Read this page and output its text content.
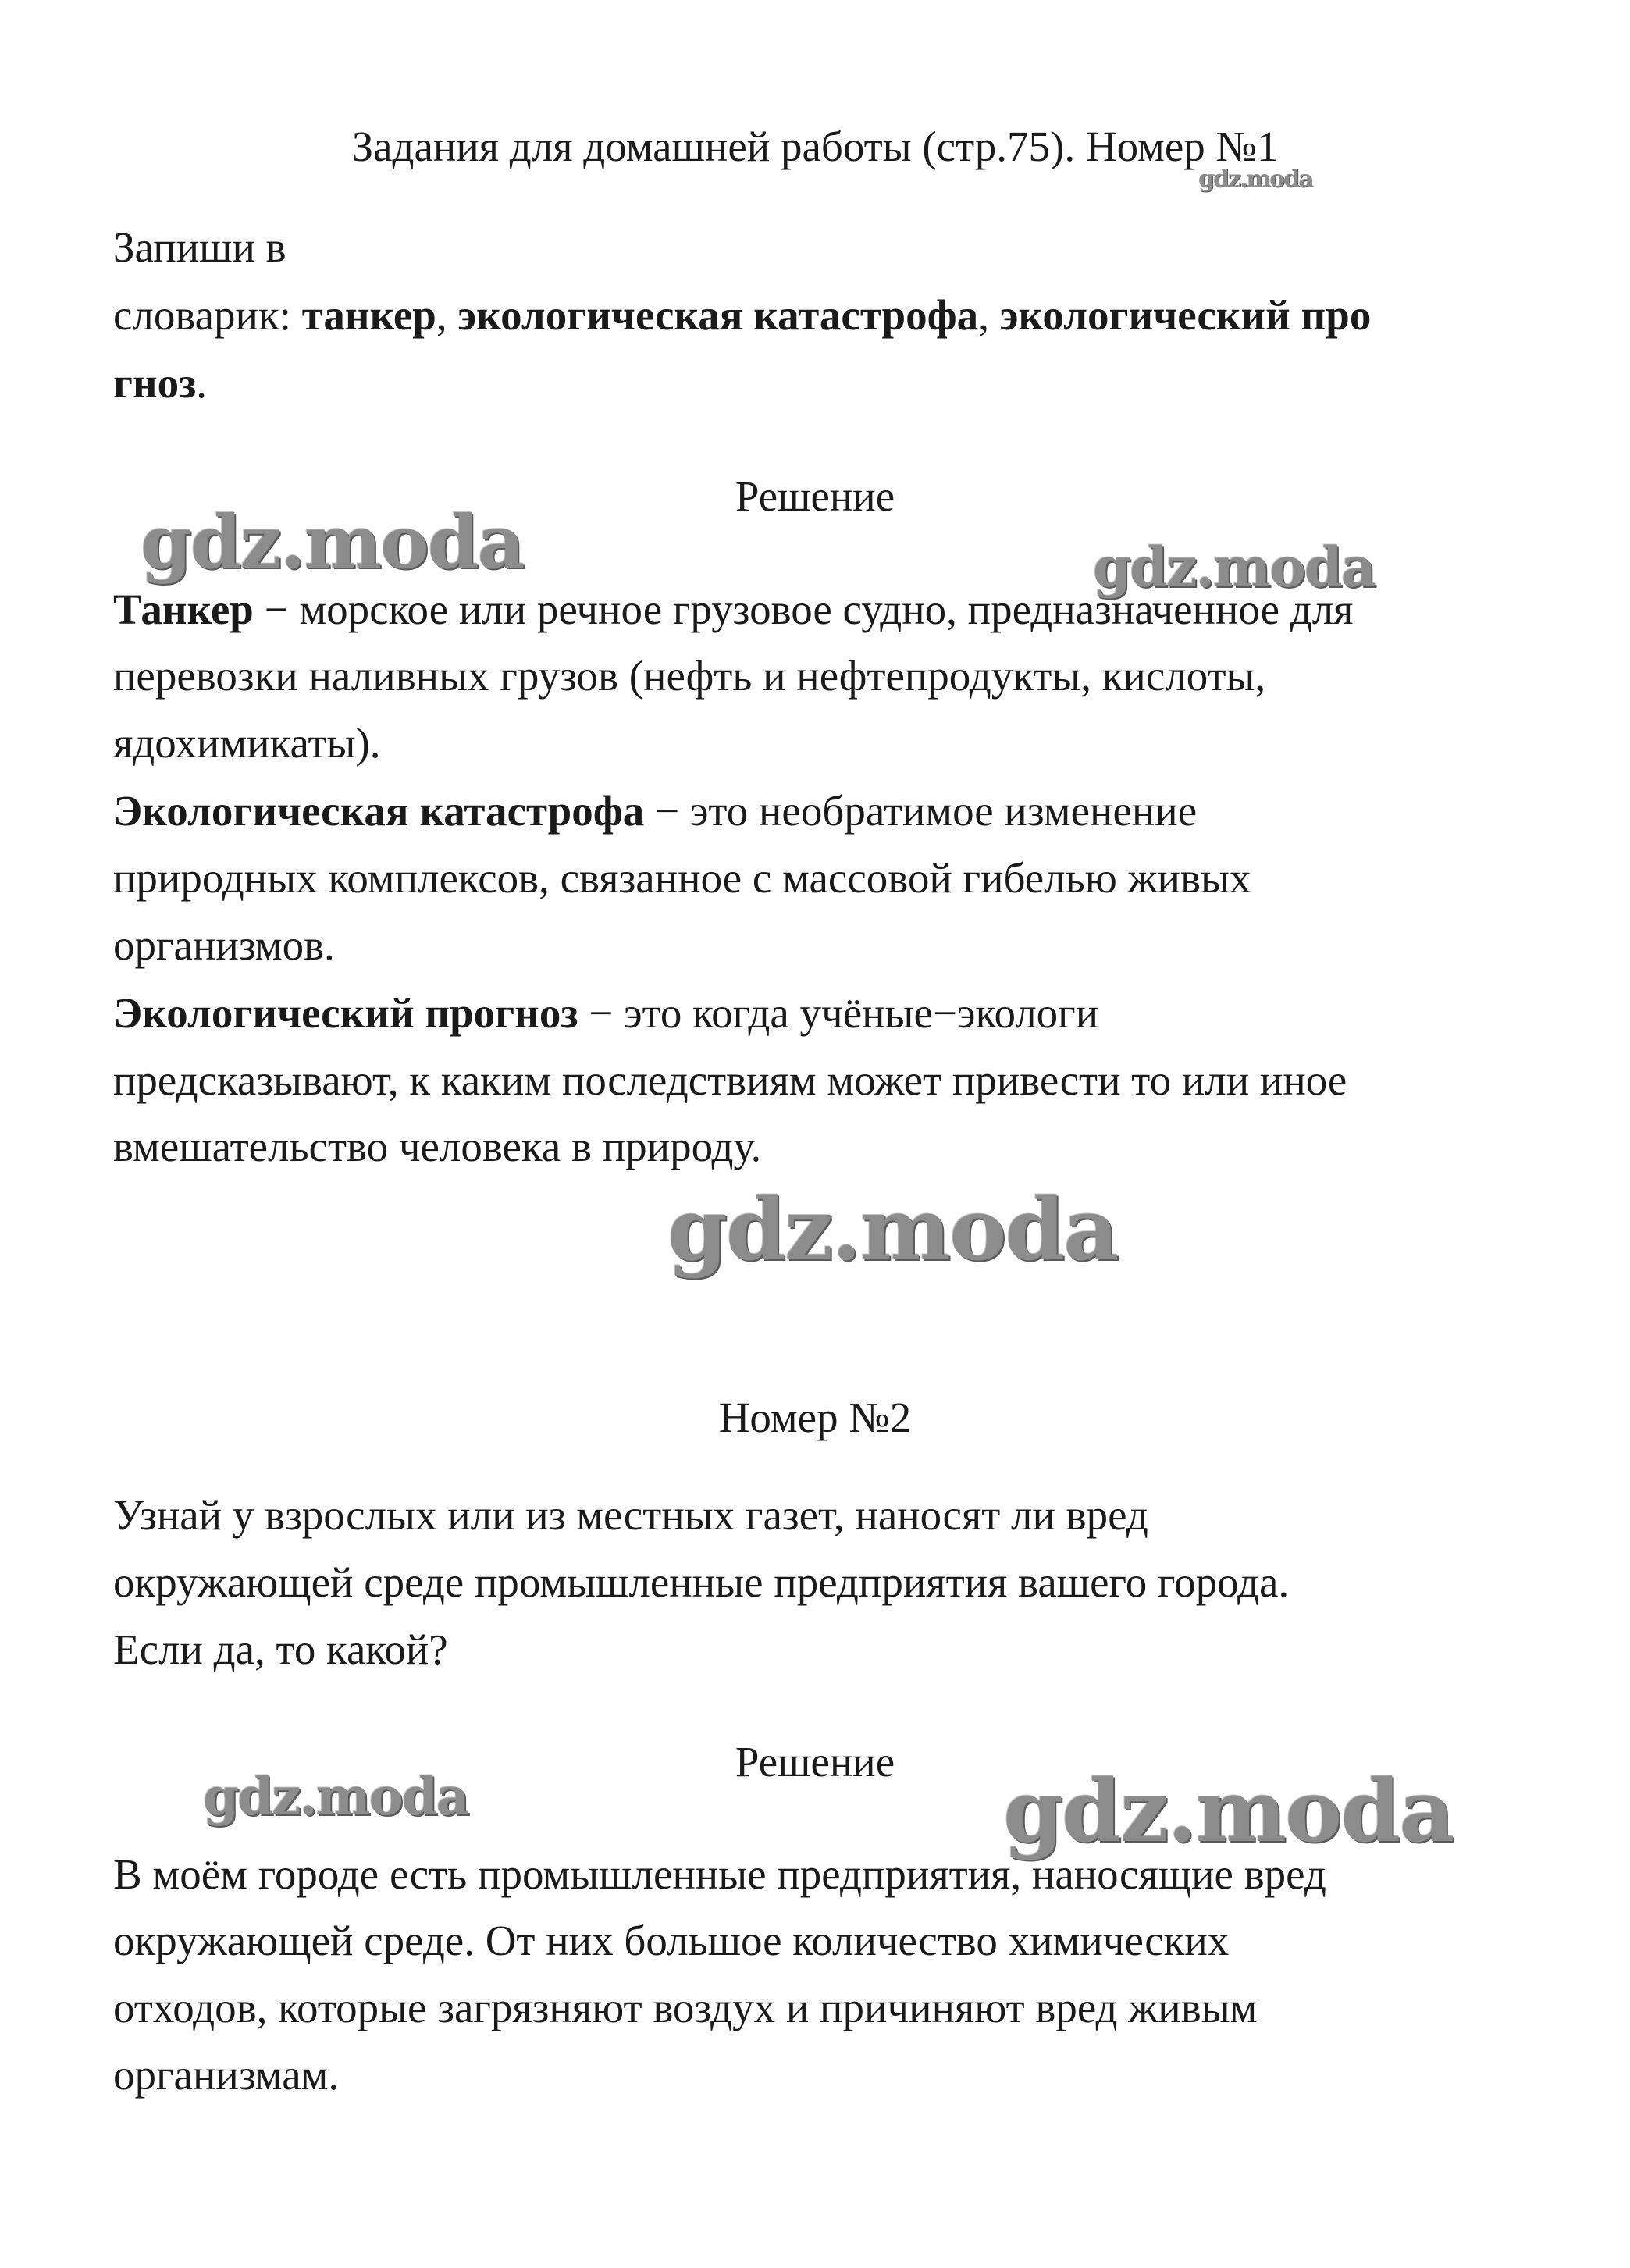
Задания для домашней работы (стр.75). Номер №1
Запиши в
словарик: танкер, экологическая катастрофа, экологический про
гноз.
Решение
Танкер − морское или речное грузовое судно, предназначенное для
перевозки наливных грузов (нефть и нефтепродукты, кислоты,
ядохимикаты).
Экологическая катастрофа − это необратимое изменение
природных комплексов, связанное с массовой гибелью живых
организмов.
Экологический прогноз − это когда учёные−экологи
предсказывают, к каким последствиям может привести то или иное
вмешательство человека в природу.
Номер №2
Узнай у взрослых или из местных газет, наносят ли вред
окружающей среде промышленные предприятия вашего города.
Если да, то какой?
Решение
В моём городе есть промышленные предприятия, наносящие вред
окружающей среде. От них большое количество химических
отходов, которые загрязняют воздух и причиняют вред живым
организмам.
gdz.moda
gdz.moda	gdz.moda
gdz.moda
gdz.moda	gdz.moda
